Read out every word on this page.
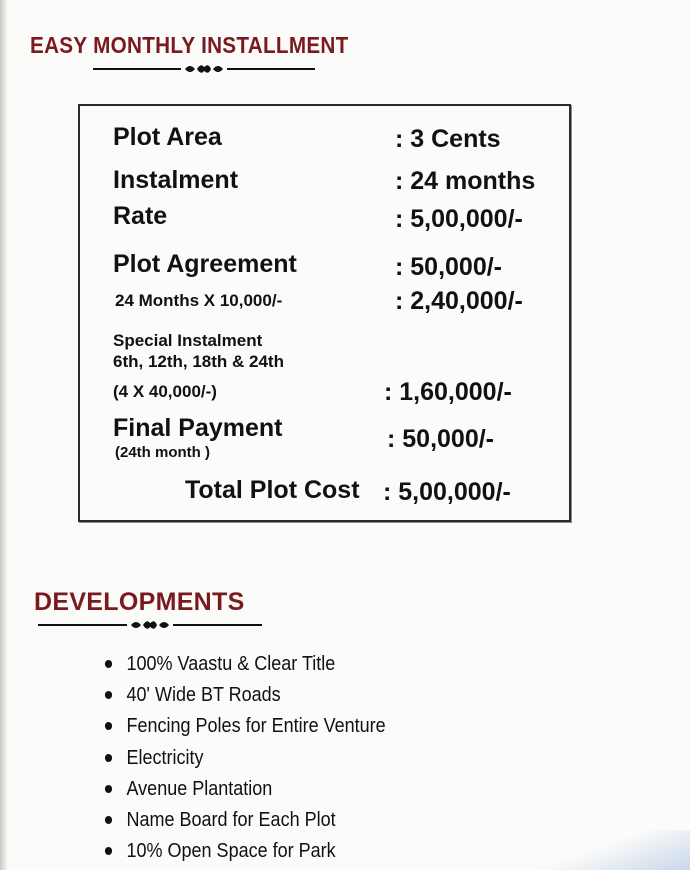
EASY MONTHLY INSTALLMENT
Plot Area	: 3 Cents
Instalment	: 24 months
Rate	: 5,00,000/-
Plot Agreement	: 50,000/-
24 Months X 10,000/-	: 2,40,000/-
Special Instalment
6th, 12th, 18th & 24th
(4 X 40,000/-)	: 1,60,000/-
Final Payment
(24th month )	: 50,000/-
Total Plot Cost : 5,00,000/-
DEVELOPMENTS
100% Vaastu & Clear Title
40' Wide BT Roads
Fencing Poles for Entire Venture
Electricity
Avenue Plantation
Name Board for Each Plot
10% Open Space for Park
